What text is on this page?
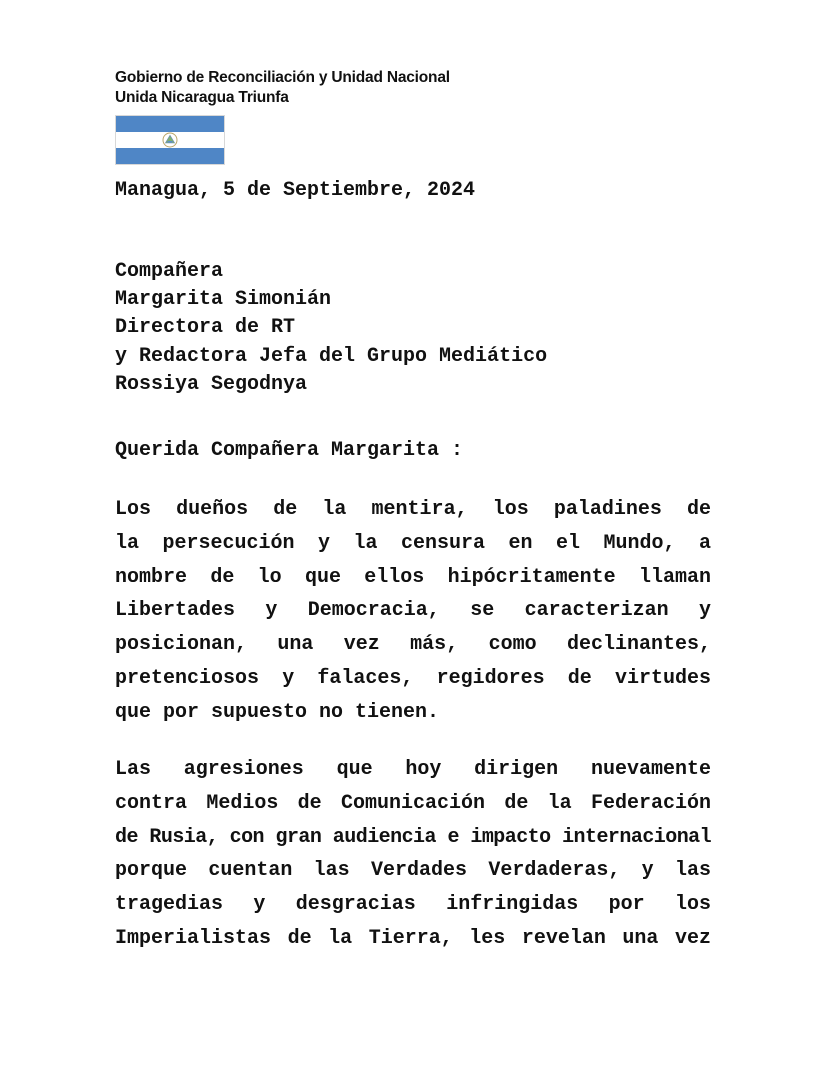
Gobierno de Reconciliación y Unidad Nacional
Unida Nicaragua Triunfa
Managua, 5 de Septiembre, 2024
Compañera
Margarita Simonián
Directora de RT
y Redactora Jefa del Grupo Mediático
Rossiya Segodnya
Querida Compañera Margarita :
Los dueños de la mentira, los paladines de
la persecución y la censura en el Mundo, a
nombre de lo que ellos hipócritamente llaman
Libertades y Democracia, se caracterizan y
posicionan, una vez más, como declinantes,
pretenciosos y falaces, regidores de virtudes
que por supuesto no tienen.
Las agresiones que hoy dirigen nuevamente
contra Medios de Comunicación de la Federación
de Rusia, con gran audiencia e impacto internacional
porque cuentan las Verdades Verdaderas, y las
tragedias y desgracias infringidas por los
Imperialistas de la Tierra, les revelan una vez
